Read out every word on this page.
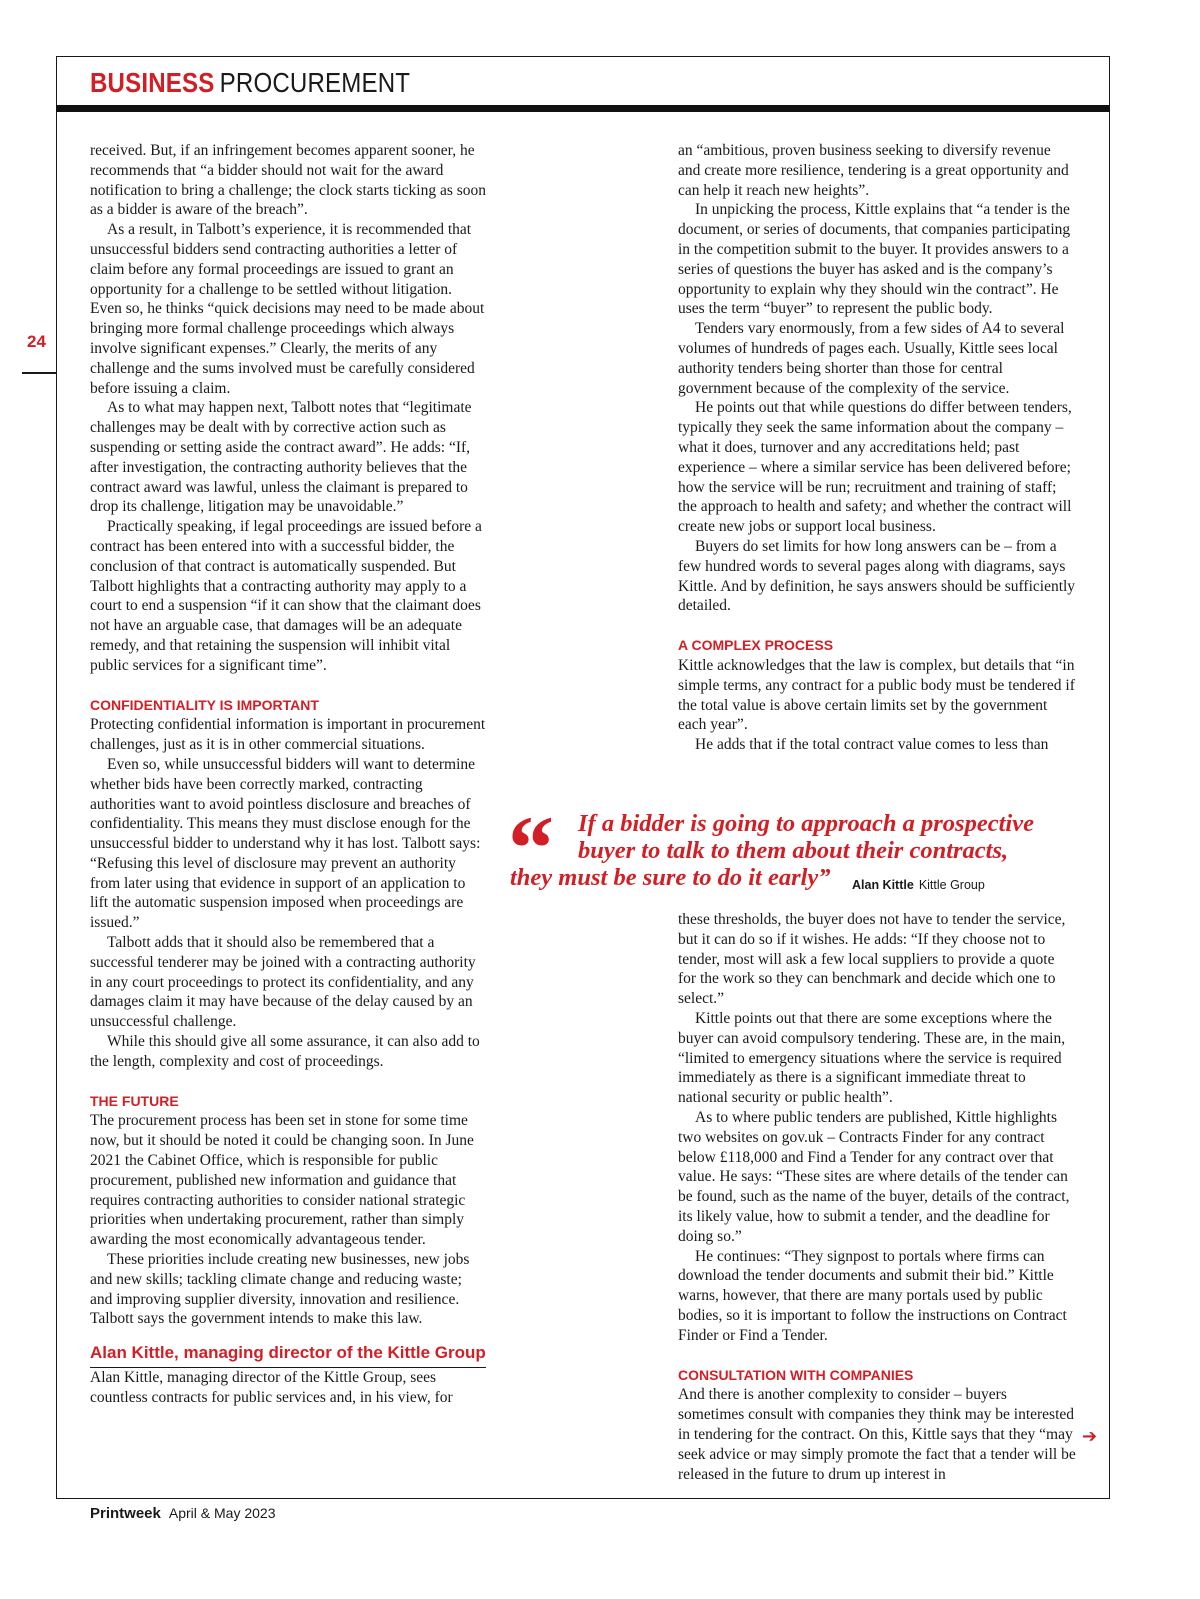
BUSINESS PROCUREMENT
24

received. But, if an infringement becomes apparent sooner, he recommends that “a bidder should not wait for the award notification to bring a challenge; the clock starts ticking as soon as a bidder is aware of the breach”.

As a result, in Talbott’s experience, it is recommended that unsuccessful bidders send contracting authorities a letter of claim before any formal proceedings are issued to grant an opportunity for a challenge to be settled without litigation. Even so, he thinks “quick decisions may need to be made about bringing more formal challenge proceedings which always involve significant expenses.” Clearly, the merits of any challenge and the sums involved must be carefully considered before issuing a claim.

As to what may happen next, Talbott notes that “legitimate challenges may be dealt with by corrective action such as suspending or setting aside the contract award”. He adds: “If, after investigation, the contracting authority believes that the contract award was lawful, unless the claimant is prepared to drop its challenge, litigation may be unavoidable.”

Practically speaking, if legal proceedings are issued before a contract has been entered into with a successful bidder, the conclusion of that contract is automatically suspended. But Talbott highlights that a contracting authority may apply to a court to end a suspension “if it can show that the claimant does not have an arguable case, that damages will be an adequate remedy, and that retaining the suspension will inhibit vital public services for a significant time”.

CONFIDENTIALITY IS IMPORTANT

Protecting confidential information is important in procurement challenges, just as it is in other commercial situations.

Even so, while unsuccessful bidders will want to determine whether bids have been correctly marked, contracting authorities want to avoid pointless disclosure and breaches of confidentiality. This means they must disclose enough for the unsuccessful bidder to understand why it has lost. Talbott says: “Refusing this level of disclosure may prevent an authority from later using that evidence in support of an application to lift the automatic suspension imposed when proceedings are issued.”

Talbott adds that it should also be remembered that a successful tenderer may be joined with a contracting authority in any court proceedings to protect its confidentiality, and any damages claim it may have because of the delay caused by an unsuccessful challenge.

While this should give all some assurance, it can also add to the length, complexity and cost of proceedings.

THE FUTURE

The procurement process has been set in stone for some time now, but it should be noted it could be changing soon. In June 2021 the Cabinet Office, which is responsible for public procurement, published new information and guidance that requires contracting authorities to consider national strategic priorities when undertaking procurement, rather than simply awarding the most economically advantageous tender.

These priorities include creating new businesses, new jobs and new skills; tackling climate change and reducing waste; and improving supplier diversity, innovation and resilience. Talbott says the government intends to make this law.

Alan Kittle, managing director of the Kittle Group

Alan Kittle, managing director of the Kittle Group, sees countless contracts for public services and, in his view, for

an “ambitious, proven business seeking to diversify revenue and create more resilience, tendering is a great opportunity and can help it reach new heights”.

In unpicking the process, Kittle explains that “a tender is the document, or series of documents, that companies participating in the competition submit to the buyer. It provides answers to a series of questions the buyer has asked and is the company’s opportunity to explain why they should win the contract”. He uses the term “buyer” to represent the public body.

Tenders vary enormously, from a few sides of A4 to several volumes of hundreds of pages each. Usually, Kittle sees local authority tenders being shorter than those for central government because of the complexity of the service.

He points out that while questions do differ between tenders, typically they seek the same information about the company – what it does, turnover and any accreditations held; past experience – where a similar service has been delivered before; how the service will be run; recruitment and training of staff; the approach to health and safety; and whether the contract will create new jobs or support local business.

Buyers do set limits for how long answers can be – from a few hundred words to several pages along with diagrams, says Kittle. And by definition, he says answers should be sufficiently detailed.

A COMPLEX PROCESS

Kittle acknowledges that the law is complex, but details that “in simple terms, any contract for a public body must be tendered if the total value is above certain limits set by the government each year”.

He adds that if the total contract value comes to less than

“ If a bidder is going to approach a prospective
buyer to talk to them about their contracts,
they must be sure to do it early” Alan Kittle Kittle Group

these thresholds, the buyer does not have to tender the service, but it can do so if it wishes. He adds: “If they choose not to tender, most will ask a few local suppliers to provide a quote for the work so they can benchmark and decide which one to select.”

Kittle points out that there are some exceptions where the buyer can avoid compulsory tendering. These are, in the main, “limited to emergency situations where the service is required immediately as there is a significant immediate threat to national security or public health”.

As to where public tenders are published, Kittle highlights two websites on gov.uk – Contracts Finder for any contract below £118,000 and Find a Tender for any contract over that value. He says: “These sites are where details of the tender can be found, such as the name of the buyer, details of the contract, its likely value, how to submit a tender, and the deadline for doing so.”

He continues: “They signpost to portals where firms can download the tender documents and submit their bid.” Kittle warns, however, that there are many portals used by public bodies, so it is important to follow the instructions on Contract Finder or Find a Tender.

CONSULTATION WITH COMPANIES

And there is another complexity to consider – buyers sometimes consult with companies they think may be interested in tendering for the contract. On this, Kittle says that they “may seek advice or may simply promote the fact that a tender will be released in the future to drum up interest in

➔
Printweek April & May 2023
